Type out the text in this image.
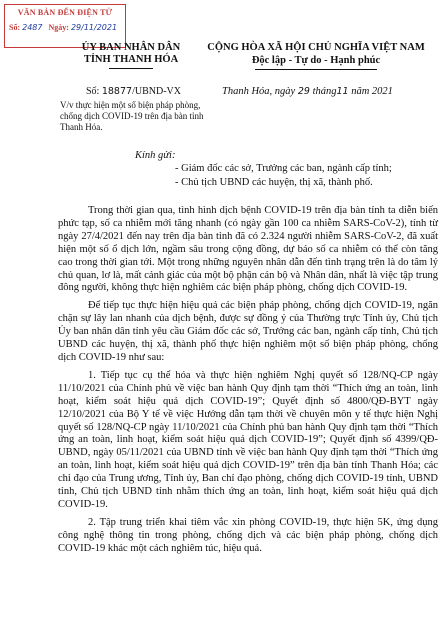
VĂN BẢN ĐẾN ĐIỆN TỬ
Số: 2487 Ngày: 29/11/2021
ỦY BAN NHÂN DÂN
TỈNH THANH HÓA
CỘNG HÒA XÃ HỘI CHỦ NGHĨA VIỆT NAM
Độc lập - Tự do - Hạnh phúc
Số: 18877/UBND-VX
V/v thực hiện một số biện pháp phòng, chống dịch COVID-19 trên địa bàn tỉnh Thanh Hóa.
Thanh Hóa, ngày 29 tháng11 năm 2021
Kính gửi:
- Giám đốc các sở, Trưởng các ban, ngành cấp tỉnh;
- Chủ tịch UBND các huyện, thị xã, thành phố.

Trong thời gian qua, tình hình dịch bệnh COVID-19 trên địa bàn tỉnh ta diễn biến phức tạp, số ca nhiễm mới tăng nhanh (có ngày gần 100 ca nhiễm SARS-CoV-2), tính từ ngày 27/4/2021 đến nay trên địa bàn tỉnh đã có 2.324 người nhiễm SARS-CoV-2, đã xuất hiện một số ổ dịch lớn, ngầm sâu trong cộng đồng, dự báo số ca nhiễm có thể còn tăng cao trong thời gian tới. Một trong những nguyên nhân dẫn đến tình trạng trên là do tâm lý chủ quan, lơ là, mất cảnh giác của một bộ phận cán bộ và Nhân dân, nhất là việc tập trung đông người, không thực hiện nghiêm các biện pháp phòng, chống dịch COVID-19.

Để tiếp tục thực hiện hiệu quả các biện pháp phòng, chống dịch COVID-19, ngăn chặn sự lây lan nhanh của dịch bệnh, được sự đồng ý của Thường trực Tỉnh ủy, Chủ tịch Ủy ban nhân dân tỉnh yêu cầu Giám đốc các sở, Trưởng các ban, ngành cấp tỉnh, Chủ tịch UBND các huyện, thị xã, thành phố thực hiện nghiêm một số biện pháp phòng, chống dịch COVID-19 như sau:

1. Tiếp tục cụ thể hóa và thực hiện nghiêm Nghị quyết số 128/NQ-CP ngày 11/10/2021 của Chính phủ về việc ban hành Quy định tạm thời “Thích ứng an toàn, linh hoạt, kiểm soát hiệu quả dịch COVID-19”; Quyết định số 4800/QĐ-BYT ngày 12/10/2021 của Bộ Y tế về việc Hướng dẫn tạm thời về chuyên môn y tế thực hiện Nghị quyết số 128/NQ-CP ngày 11/10/2021 của Chính phủ ban hành Quy định tạm thời “Thích ứng an toàn, linh hoạt, kiểm soát hiệu quả dịch COVID-19”; Quyết định số 4399/QĐ-UBND, ngày 05/11/2021 của UBND tỉnh về việc ban hành Quy định tạm thời “Thích ứng an toàn, linh hoạt, kiểm soát hiệu quả dịch COVID-19” trên địa bàn tỉnh Thanh Hóa; các chỉ đạo của Trung ương, Tỉnh ủy, Ban chỉ đạo phòng, chống dịch COVID-19 tỉnh, UBND tỉnh, Chủ tịch UBND tỉnh nhằm thích ứng an toàn, linh hoạt, kiểm soát hiệu quả dịch COVID-19.

2. Tập trung triển khai tiêm vắc xin phòng COVID-19, thực hiện 5K, ứng dụng công nghệ thông tin trong phòng, chống dịch và các biện pháp phòng, chống dịch COVID-19 khác một cách nghiêm túc, hiệu quả.
